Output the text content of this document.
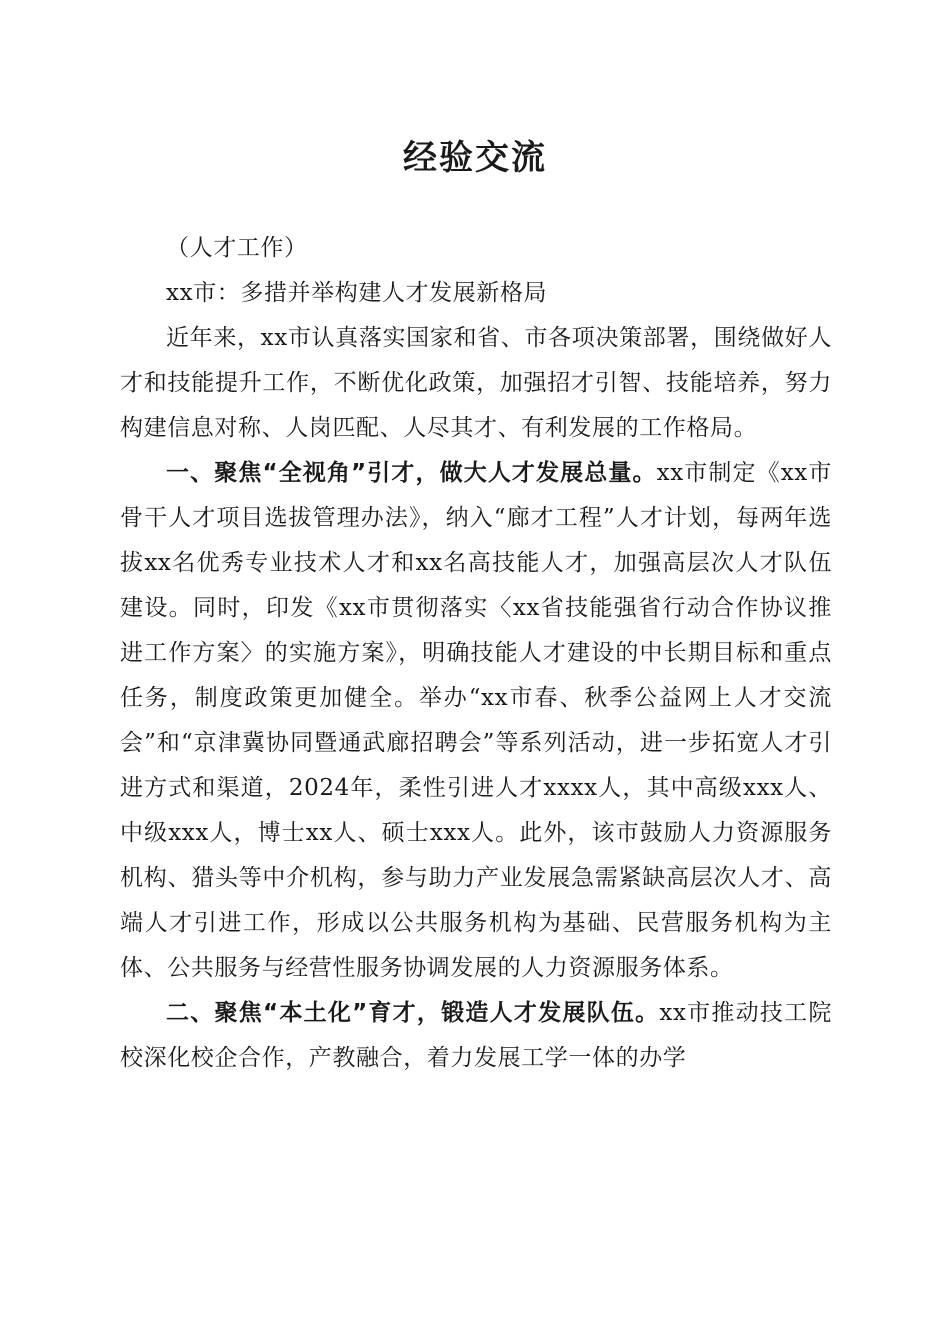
经验交流

（人才工作）

xx市：多措并举构建人才发展新格局

近年来，xx市认真落实国家和省、市各项决策部署，围绕做好人才和技能提升工作，不断优化政策，加强招才引智、技能培养，努力构建信息对称、人岗匹配、人尽其才、有利发展的工作格局。

一、聚焦“全视角”引才，做大人才发展总量。xx市制定《xx市骨干人才项目选拔管理办法》，纳入“廊才工程”人才计划，每两年选拔xx名优秀专业技术人才和xx名高技能人才，加强高层次人才队伍建设。同时，印发《xx市贯彻落实〈xx省技能强省行动合作协议推进工作方案〉的实施方案》，明确技能人才建设的中长期目标和重点任务，制度政策更加健全。举办“xx市春、秋季公益网上人才交流会”和“京津冀协同暨通武廊招聘会”等系列活动，进一步拓宽人才引进方式和渠道，2024年，柔性引进人才xxxx人，其中高级xxx人、中级xxx人，博士xx人、硕士xxx人。此外，该市鼓励人力资源服务机构、猎头等中介机构，参与助力产业发展急需紧缺高层次人才、高端人才引进工作，形成以公共服务机构为基础、民营服务机构为主体、公共服务与经营性服务协调发展的人力资源服务体系。

二、聚焦“本土化”育才，锻造人才发展队伍。xx市推动技工院校深化校企合作，产教融合，着力发展工学一体的办学
